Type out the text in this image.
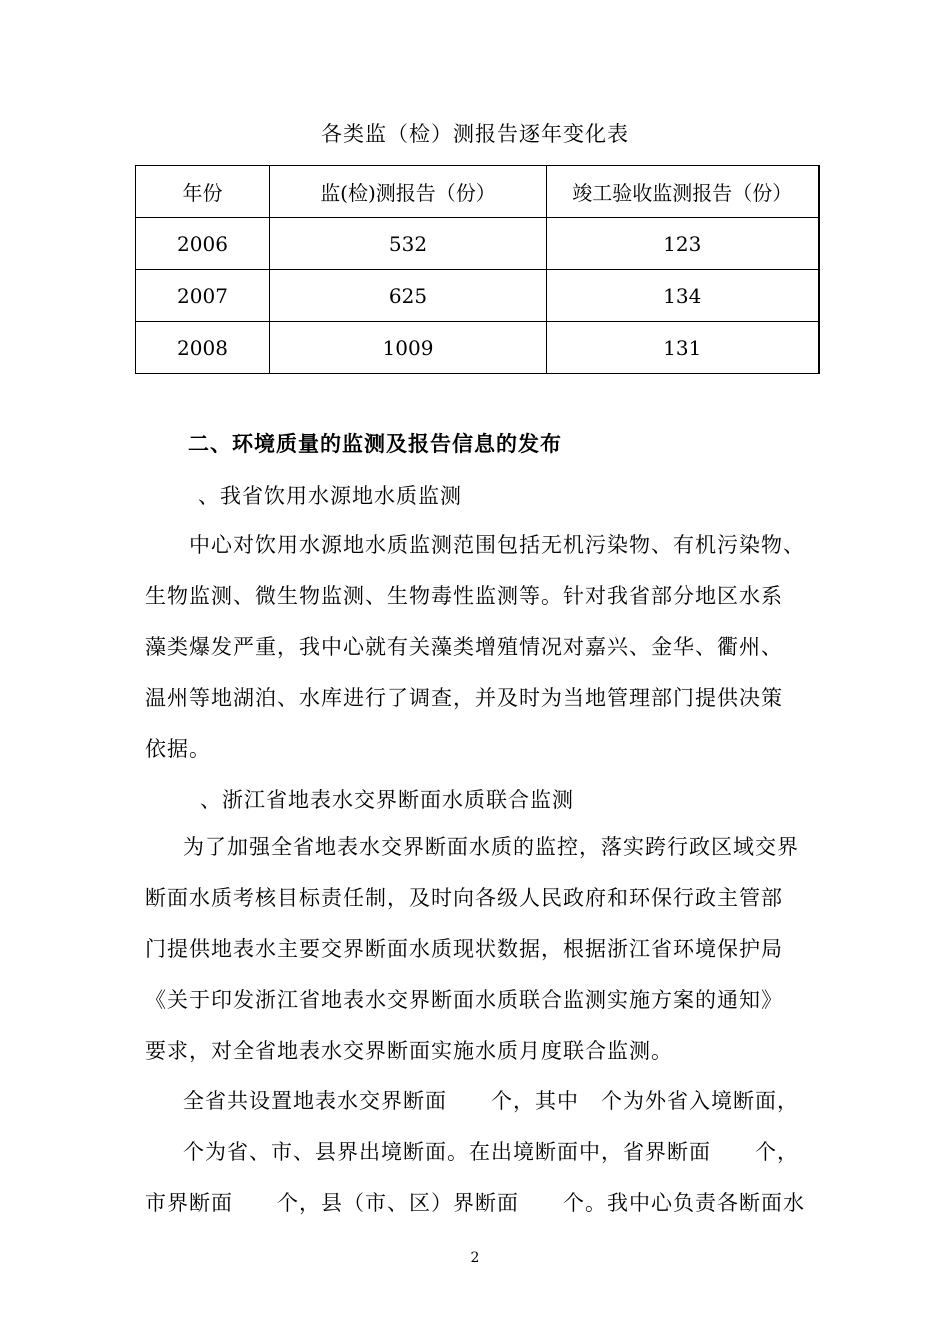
各类监（检）测报告逐年变化表
年份	监(检)测报告（份）	竣工验收监测报告（份）
2006	532	123
2007	625	134
2008	1009	131
二、环境质量的监测及报告信息的发布
、我省饮用水源地水质监测
中心对饮用水源地水质监测范围包括无机污染物、有机污染物、
生物监测、微生物监测、生物毒性监测等。针对我省部分地区水系
藻类爆发严重，我中心就有关藻类增殖情况对嘉兴、金华、衢州、
温州等地湖泊、水库进行了调查，并及时为当地管理部门提供决策
依据。
、浙江省地表水交界断面水质联合监测
为了加强全省地表水交界断面水质的监控，落实跨行政区域交界
断面水质考核目标责任制，及时向各级人民政府和环保行政主管部
门提供地表水主要交界断面水质现状数据，根据浙江省环境保护局
《关于印发浙江省地表水交界断面水质联合监测实施方案的通知》
要求，对全省地表水交界断面实施水质月度联合监测。
全省共设置地表水交界断面　　个，其中　个为外省入境断面，
个为省、市、县界出境断面。在出境断面中，省界断面　　个，
市界断面　　个，县（市、区）界断面　　个。我中心负责各断面水
2
